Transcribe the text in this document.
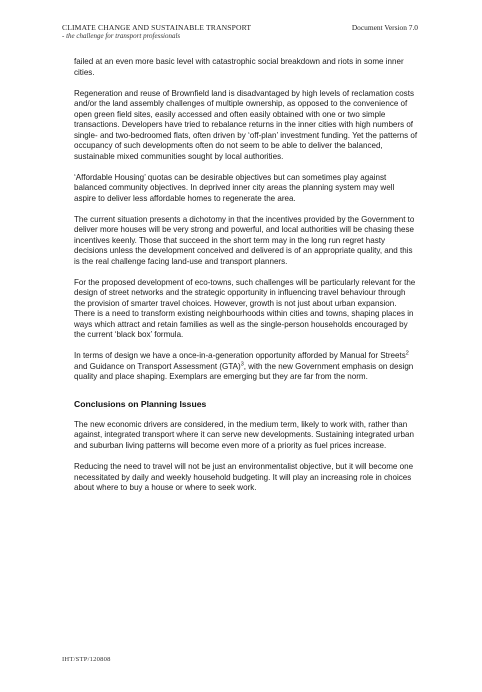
CLIMATE CHANGE AND SUSTAINABLE TRANSPORT
- the challenge for transport professionals
Document Version 7.0

failed at an even more basic level with catastrophic social breakdown and riots in some inner cities.

Regeneration and reuse of Brownfield land is disadvantaged by high levels of reclamation costs and/or the land assembly challenges of multiple ownership, as opposed to the convenience of open green field sites, easily accessed and often easily obtained with one or two simple transactions. Developers have tried to rebalance returns in the inner cities with high numbers of single- and two-bedroomed flats, often driven by ‘off-plan’ investment funding. Yet the patterns of occupancy of such developments often do not seem to be able to deliver the balanced, sustainable mixed communities sought by local authorities.

‘Affordable Housing’ quotas can be desirable objectives but can sometimes play against balanced community objectives. In deprived inner city areas the planning system may well aspire to deliver less affordable homes to regenerate the area.

The current situation presents a dichotomy in that the incentives provided by the Government to deliver more houses will be very strong and powerful, and local authorities will be chasing these incentives keenly. Those that succeed in the short term may in the long run regret hasty decisions unless the development conceived and delivered is of an appropriate quality, and this is the real challenge facing land-use and transport planners.

For the proposed development of eco-towns, such challenges will be particularly relevant for the design of street networks and the strategic opportunity in influencing travel behaviour through the provision of smarter travel choices. However, growth is not just about urban expansion. There is a need to transform existing neighbourhoods within cities and towns, shaping places in ways which attract and retain families as well as the single-person households encouraged by the current ‘black box’ formula.

In terms of design we have a once-in-a-generation opportunity afforded by Manual for Streets$^2$ and Guidance on Transport Assessment (GTA)$^3$, with the new Government emphasis on design quality and place shaping. Exemplars are emerging but they are far from the norm.

Conclusions on Planning Issues

The new economic drivers are considered, in the medium term, likely to work with, rather than against, integrated transport where it can serve new developments. Sustaining integrated urban and suburban living patterns will become even more of a priority as fuel prices increase.

Reducing the need to travel will not be just an environmentalist objective, but it will become one necessitated by daily and weekly household budgeting. It will play an increasing role in choices about where to buy a house or where to seek work.

IHT/STP/120808
